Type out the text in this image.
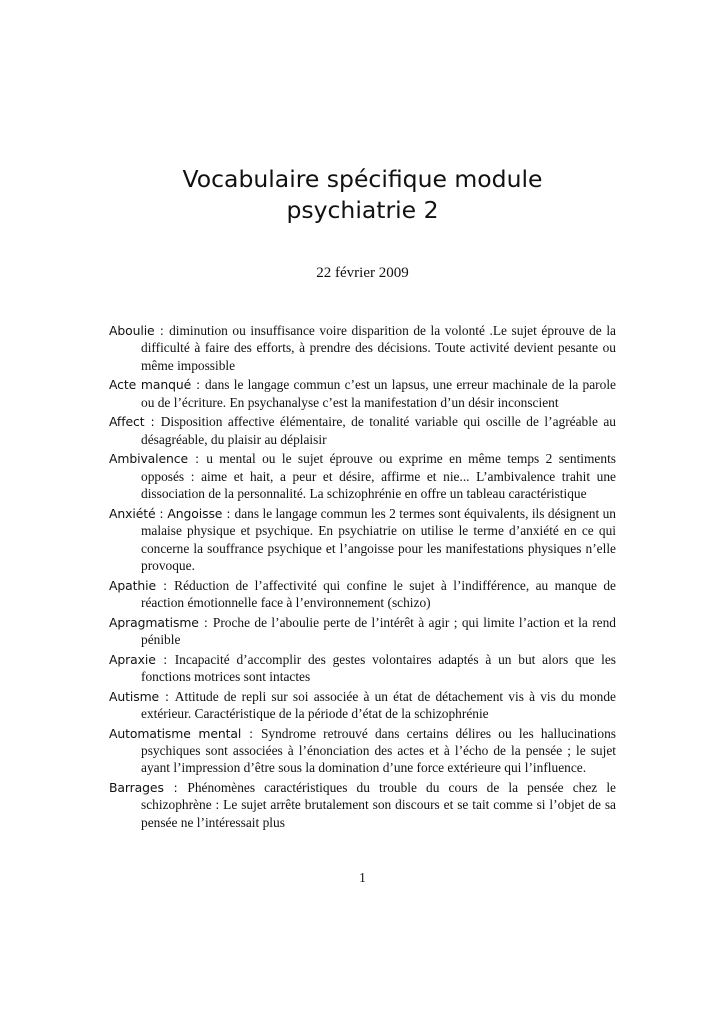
Vocabulaire spécifique module
psychiatrie 2
22 février 2009
Aboulie : diminution ou insuffisance voire disparition de la volonté .Le sujet éprouve de la difficulté à faire des efforts, à prendre des décisions. Toute activité devient pesante ou même impossible
Acte manqué : dans le langage commun c’est un lapsus, une erreur machinale de la parole ou de l’écriture. En psychanalyse c’est la manifestation d’un désir inconscient
Affect : Disposition affective élémentaire, de tonalité variable qui oscille de l’agréable au désagréable, du plaisir au déplaisir
Ambivalence : u mental ou le sujet éprouve ou exprime en même temps 2 sentiments opposés : aime et hait, a peur et désire, affirme et nie... L’ambivalence trahit une dissociation de la personnalité. La schizophrénie en offre un tableau caractéristique
Anxiété : Angoisse : dans le langage commun les 2 termes sont équivalents, ils désignent un malaise physique et psychique. En psychiatrie on utilise le terme d’anxiété en ce qui concerne la souffrance psychique et l’angoisse pour les manifestations physiques n’elle provoque.
Apathie : Réduction de l’affectivité qui confine le sujet à l’indifférence, au manque de réaction émotionnelle face à l’environnement (schizo)
Apragmatisme : Proche de l’aboulie perte de l’intérêt à agir ; qui limite l’action et la rend pénible
Apraxie : Incapacité d’accomplir des gestes volontaires adaptés à un but alors que les fonctions motrices sont intactes
Autisme : Attitude de repli sur soi associée à un état de détachement vis à vis du monde extérieur. Caractéristique de la période d’état de la schizophrénie
Automatisme mental : Syndrome retrouvé dans certains délires ou les hallucinations psychiques sont associées à l’énonciation des actes et à l’écho de la pensée ; le sujet ayant l’impression d’être sous la domination d’une force extérieure qui l’influence.
Barrages : Phénomènes caractéristiques du trouble du cours de la pensée chez le schizophrène : Le sujet arrête brutalement son discours et se tait comme si l’objet de sa pensée ne l’intéressait plus
1
